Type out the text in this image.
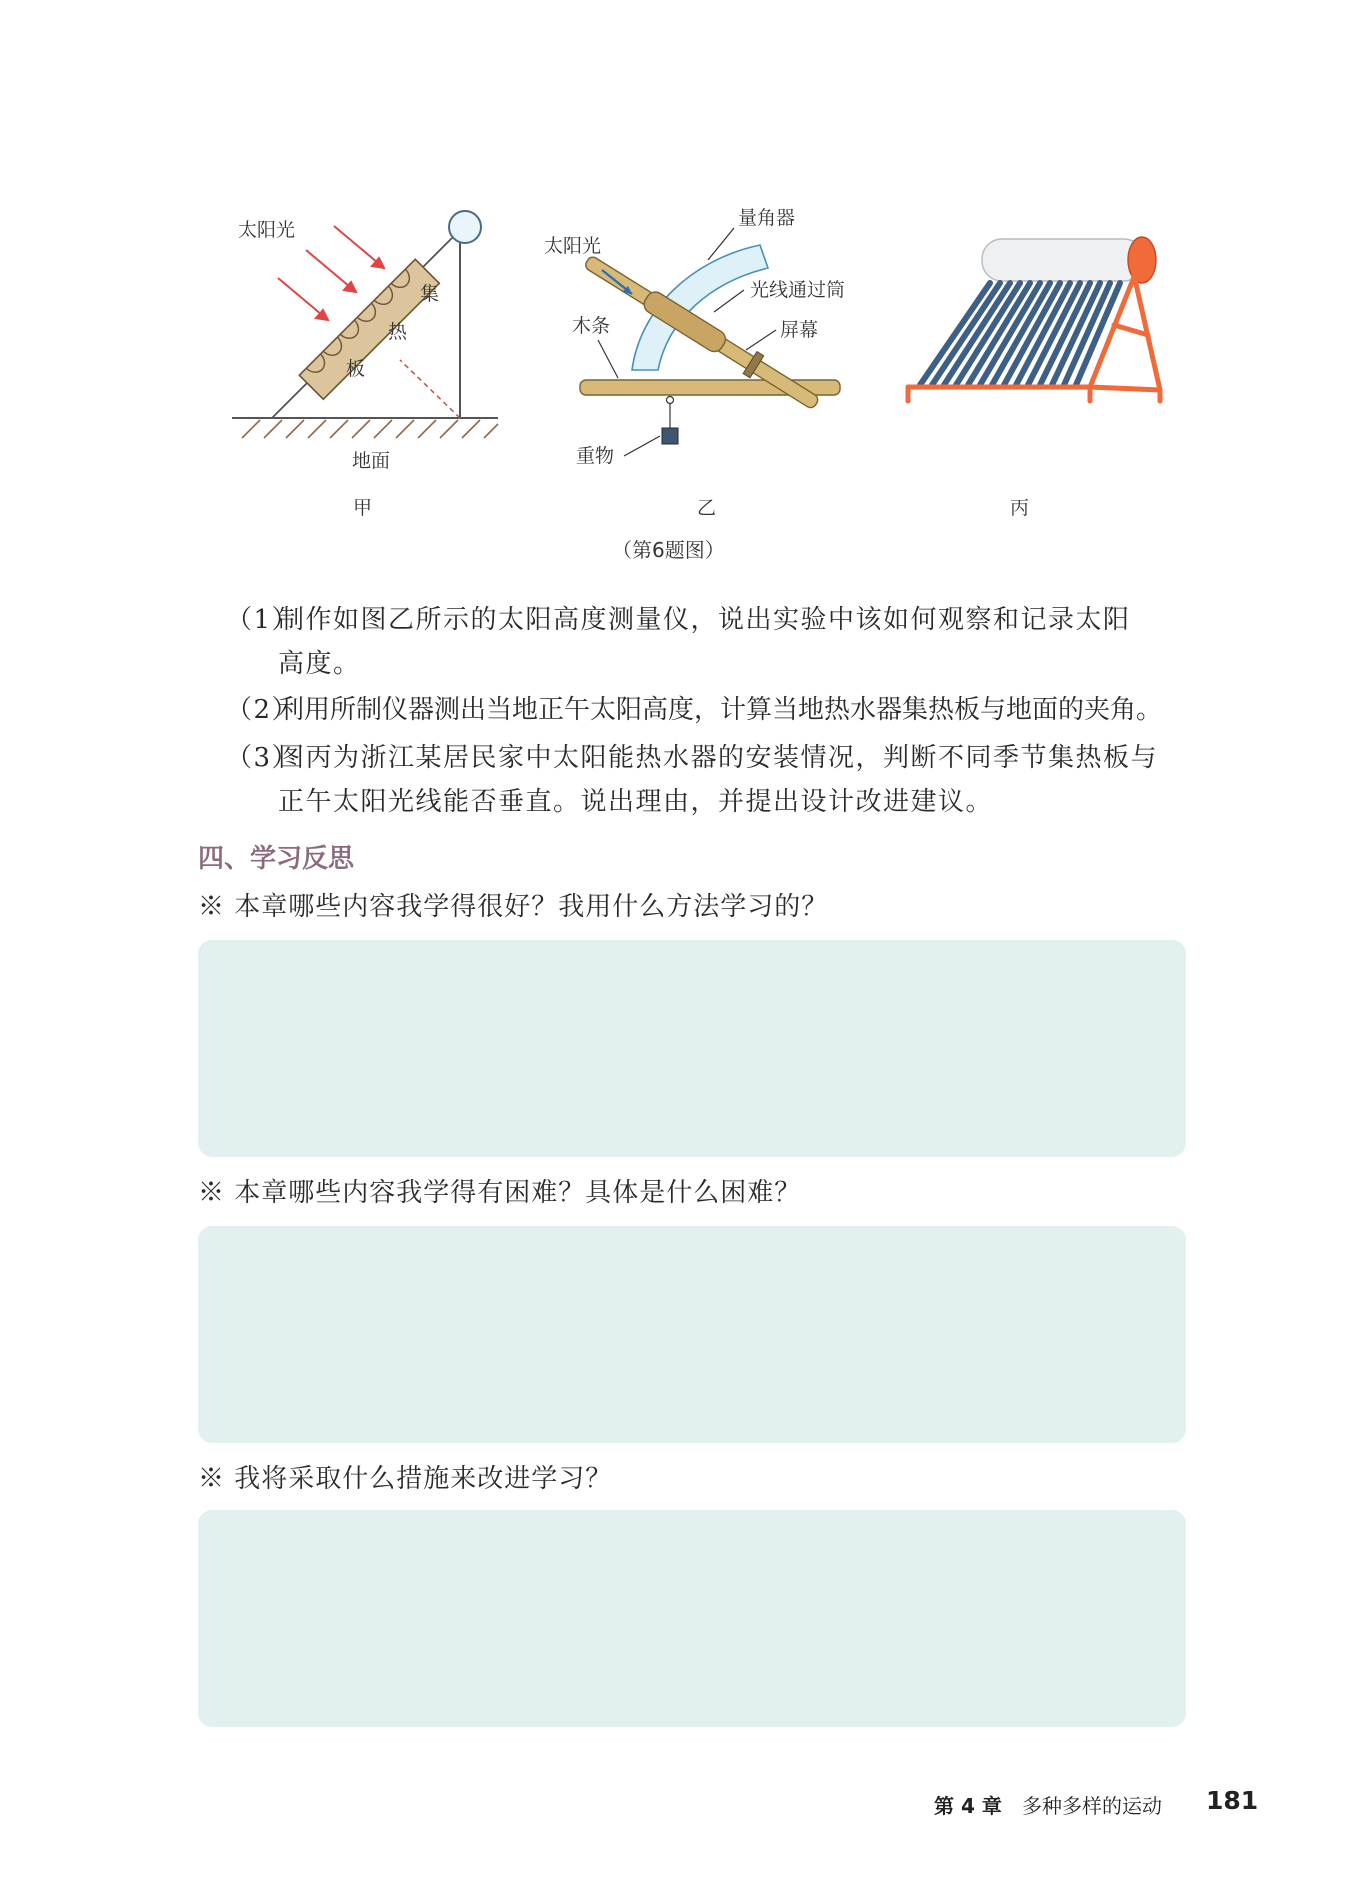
太阳光
集
热
板
地面
甲
量角器
太阳光
光线通过筒
木条	屏幕
重物
乙	丙
（第6题图）
（1）制作如图乙所示的太阳高度测量仪，说出实验中该如何观察和记录太阳
高度。
（2）利用所制仪器测出当地正午太阳高度，计算当地热水器集热板与地面的夹角。
（3）图丙为浙江某居民家中太阳能热水器的安装情况，判断不同季节集热板与
正午太阳光线能否垂直。说出理由，并提出设计改进建议。
四、学习反思
※ 本章哪些内容我学得很好？我用什么方法学习的？
※ 本章哪些内容我学得有困难？具体是什么困难？
※ 我将采取什么措施来改进学习？
第 4 章 多种多样的运动 181
